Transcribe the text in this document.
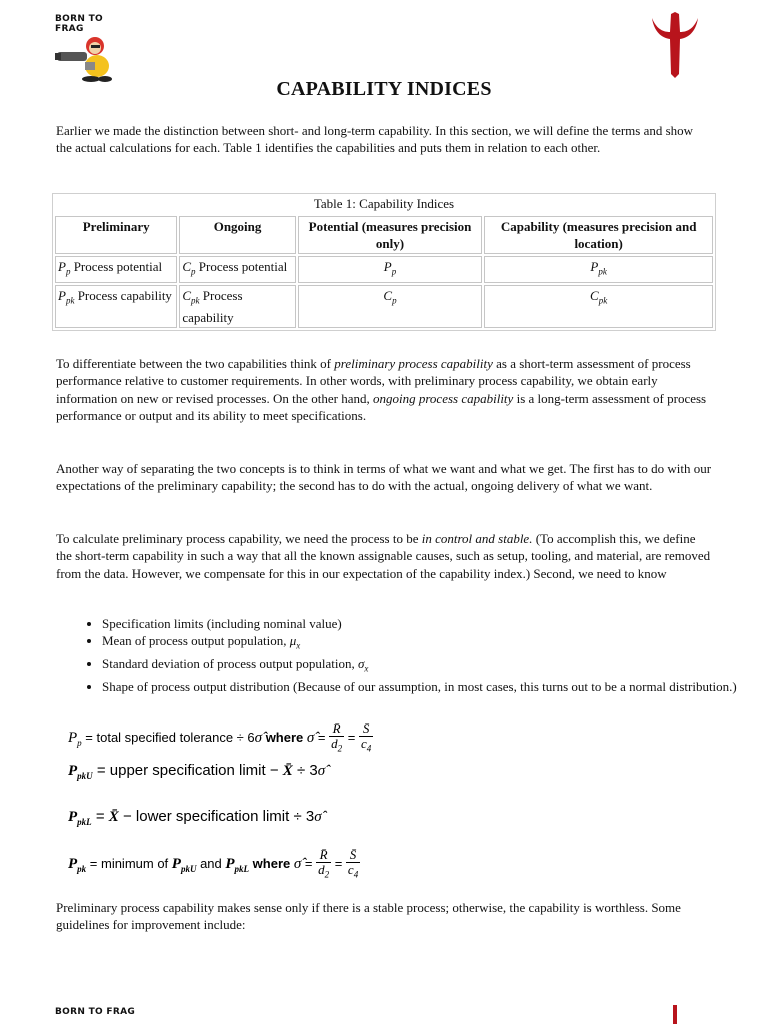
BORN TO FRAG
CAPABILITY INDICES

Earlier we made the distinction between short- and long-term capability. In this section, we will define the terms and show the actual calculations for each. Table 1 identifies the capabilities and puts them in relation to each other.

Table 1: Capability Indices
Preliminary	Ongoing	Potential (measures precision only)	Capability (measures precision and location)
$P_p$ Process potential	$C_p$ Process potential	$P_p$	$P_{pk}$
$P_{pk}$ Process capability	$C_{pk}$ Process capability	$C_p$	$C_{pk}$

To differentiate between the two capabilities think of preliminary process capability as a short-term assessment of process performance relative to customer requirements. In other words, with preliminary process capability, we obtain early information on new or revised processes. On the other hand, ongoing process capability is a long-term assessment of process performance or output and its ability to meet specifications.

Another way of separating the two concepts is to think in terms of what we want and what we get. The first has to do with our expectations of the preliminary capability; the second has to do with the actual, ongoing delivery of what we want.

To calculate preliminary process capability, we need the process to be in control and stable. (To accomplish this, we define the short-term capability in such a way that all the known assignable causes, such as setup, tooling, and material, are removed from the data. However, we compensate for this in our expectation of the capability index.) Second, we need to know

• Specification limits (including nominal value)
• Mean of process output population, $\mu_x$
• Standard deviation of process output population, $\sigma_x$
• Shape of process output distribution (Because of our assumption, in most cases, this turns out to be a normal distribution.)
$P_p$ = total specified tolerance ÷ 6σ̂ where σ̂ = $\frac{R̄}{d_2} = \frac{S̄}{c_4}$
$P_{pkU}$ = upper specification limit − X̄ ÷ 3σ̂
$P_{pkL}$ = X̄ − lower specification limit ÷ 3σ̂
$P_{pk}$ = minimum of $P_{pkU}$ and $P_{pkL}$ where σ̂ = $\frac{R̄}{d_2} = \frac{S̄}{c_4}$

Preliminary process capability makes sense only if there is a stable process; otherwise, the capability is worthless. Some guidelines for improvement include:

BORN TO FRAG
